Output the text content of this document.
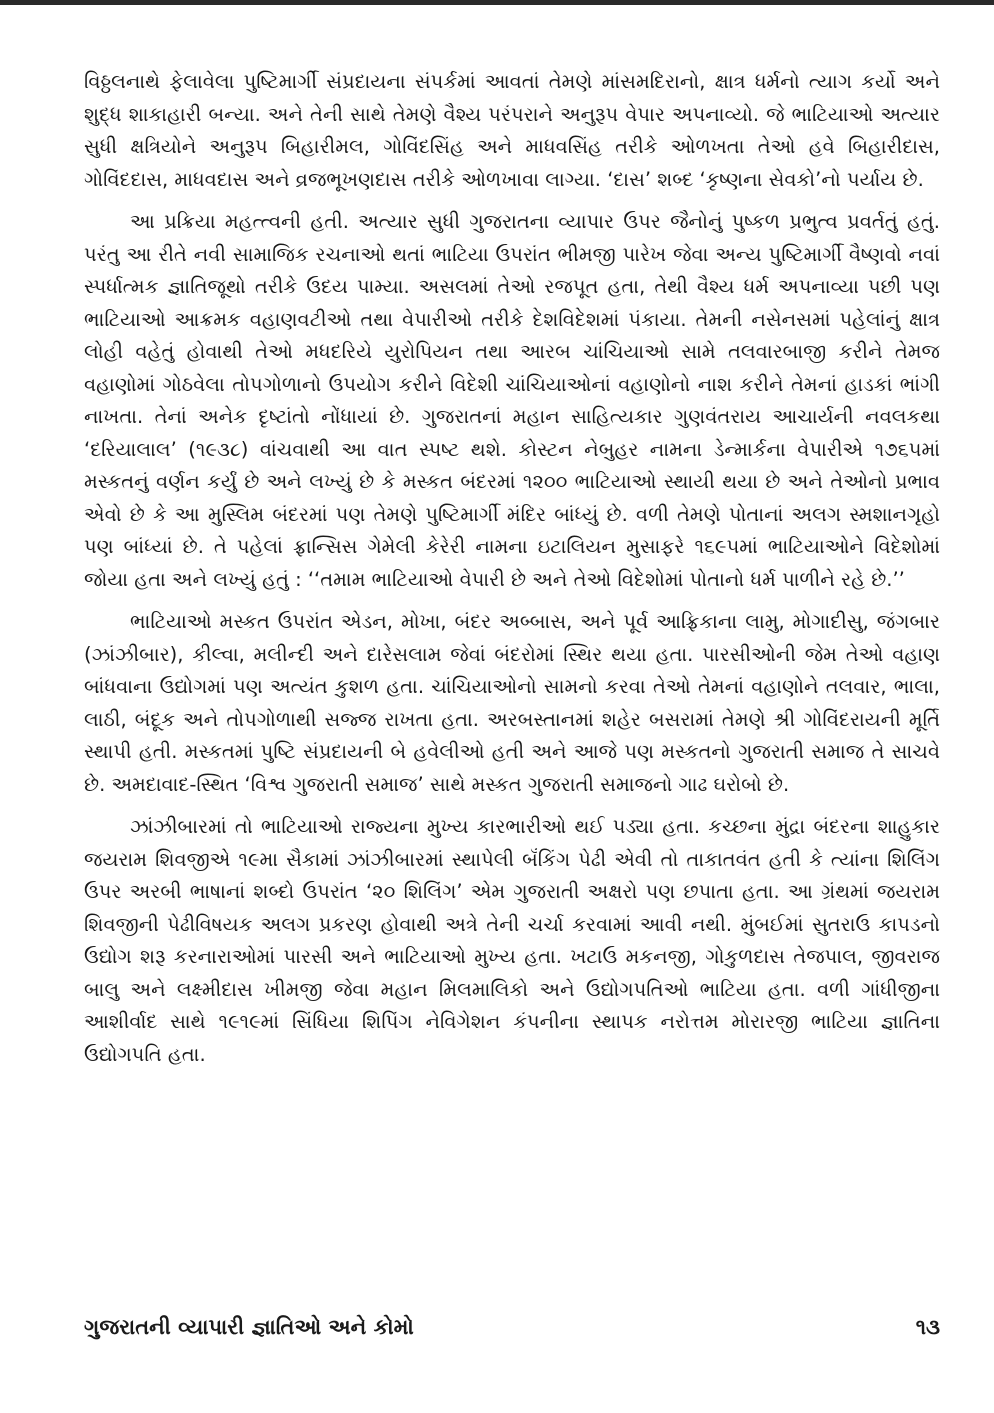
વિઠ્ઠલનાથે ફેલાવેલા પુષ્ટિમાર્ગી સંપ્રદાયના સંપર્કમાં આવતાં તેમણે માંસમદિરાનો, ક્ષાત્ર ધર્મનો ત્યાગ કર્યો અને શુદ્ધ શાકાહારી બન્યા. અને તેની સાથે તેમણે વૈશ્ય પરંપરાને અનુરૂપ વેપાર અપનાવ્યો. જે ભાટિયાઓ અત્યાર સુધી ક્ષત્રિયોને અનુરૂપ બિહારીમલ, ગોવિંદસિંહ અને માધવસિંહ તરીકે ઓળખતા તેઓ હવે બિહારીદાસ, ગોવિંદદાસ, માધવદાસ અને વ્રજભૂખણદાસ તરીકે ઓળખાવા લાગ્યા. ‘દાસ’ શબ્દ ‘કૃષ્ણના સેવકો’નો પર્યાય છે.

આ પ્રક્રિયા મહત્ત્વની હતી. અત્યાર સુધી ગુજરાતના વ્યાપાર ઉપર જૈનોનું પુષ્કળ પ્રભુત્વ પ્રવર્તતું હતું. પરંતુ આ રીતે નવી સામાજિક રચનાઓ થતાં ભાટિયા ઉપરાંત ભીમજી પારેખ જેવા અન્ય પુષ્ટિમાર્ગી વૈષ્ણવો નવાં સ્પર્ધાત્મક જ્ઞાતિજૂથો તરીકે ઉદય પામ્યા. અસલમાં તેઓ રજપૂત હતા, તેથી વૈશ્ય ધર્મ અપનાવ્યા પછી પણ ભાટિયાઓ આક્રમક વહાણવટીઓ તથા વેપારીઓ તરીકે દેશવિદેશમાં પંકાયા. તેમની નસેનસમાં પહેલાંનું ક્ષાત્ર લોહી વહેતું હોવાથી તેઓ મધદરિયે યુરોપિયન તથા આરબ ચાંચિયાઓ સામે તલવારબાજી કરીને તેમજ વહાણોમાં ગોઠવેલા તોપગોળાનો ઉપયોગ કરીને વિદેશી ચાંચિયાઓનાં વહાણોનો નાશ કરીને તેમનાં હાડકાં ભાંગી નાખતા. તેનાં અનેક દૃષ્ટાંતો નોંધાયાં છે. ગુજરાતનાં મહાન સાહિત્યકાર ગુણવંતરાય આચાર્યની નવલકથા ‘દરિયાલાલ’ (૧૯૩૮) વાંચવાથી આ વાત સ્પષ્ટ થશે. કોસ્ટન નેબુહર નામના ડેન્માર્કના વેપારીએ ૧૭૬૫માં મસ્કતનું વર્ણન કર્યું છે અને લખ્યું છે કે મસ્કત બંદરમાં ૧૨૦૦ ભાટિયાઓ સ્થાયી થયા છે અને તેઓનો પ્રભાવ એવો છે કે આ મુસ્લિમ બંદરમાં પણ તેમણે પુષ્ટિમાર્ગી મંદિર બાંધ્યું છે. વળી તેમણે પોતાનાં અલગ સ્મશાનગૃહો પણ બાંધ્યાં છે. તે પહેલાં ફ્રાન્સિસ ગેમેલી કેરેરી નામના ઇટાલિયન મુસાફરે ૧૬૯૫માં ભાટિયાઓને વિદેશોમાં જોયા હતા અને લખ્યું હતું : ‘‘તમામ ભાટિયાઓ વેપારી છે અને તેઓ વિદેશોમાં પોતાનો ધર્મ પાળીને રહે છે.’’

ભાટિયાઓ મસ્કત ઉપરાંત એડન, મોખા, બંદર અબ્બાસ, અને પૂર્વ આફ્રિકાના લામુ, મોગાદીસુ, જંગબાર (ઝાંઝીબાર), કીલ્વા, મલીન્દી અને દારેસલામ જેવાં બંદરોમાં સ્થિર થયા હતા. પારસીઓની જેમ તેઓ વહાણ બાંધવાના ઉદ્યોગમાં પણ અત્યંત કુશળ હતા. ચાંચિયાઓનો સામનો કરવા તેઓ તેમનાં વહાણોને તલવાર, ભાલા, લાઠી, બંદૂક અને તોપગોળાથી સજ્જ રાખતા હતા. અરબસ્તાનમાં શહેર બસરામાં તેમણે શ્રી ગોવિંદરાયની મૂર્તિ સ્થાપી હતી. મસ્કતમાં પુષ્ટિ સંપ્રદાયની બે હવેલીઓ હતી અને આજે પણ મસ્કતનો ગુજરાતી સમાજ તે સાચવે છે. અમદાવાદ-સ્થિત ‘વિશ્વ ગુજરાતી સમાજ’ સાથે મસ્કત ગુજરાતી સમાજનો ગાઢ ઘરોબો છે.

ઝાંઝીબારમાં તો ભાટિયાઓ રાજ્યના મુખ્ય કારભારીઓ થઈ પડ્યા હતા. કચ્છના મુંદ્રા બંદરના શાહુકાર જયરામ શિવજીએ ૧૯મા સૈકામાં ઝાંઝીબારમાં સ્થાપેલી બૅંકિંગ પેઢી એવી તો તાકાતવંત હતી કે ત્યાંના શિલિંગ ઉપર અરબી ભાષાનાં શબ્દો ઉપરાંત ‘૨૦ શિલિંગ’ એમ ગુજરાતી અક્ષરો પણ છપાતા હતા. આ ગ્રંથમાં જયરામ શિવજીની પેઢીવિષયક અલગ પ્રકરણ હોવાથી અત્રે તેની ચર્ચા કરવામાં આવી નથી. મુંબઈમાં સુતરાઉ કાપડનો ઉદ્યોગ શરૂ કરનારાઓમાં પારસી અને ભાટિયાઓ મુખ્ય હતા. ખટાઉ મકનજી, ગોકુળદાસ તેજપાલ, જીવરાજ બાલુ અને લક્ષ્મીદાસ ખીમજી જેવા મહાન મિલમાલિકો અને ઉદ્યોગપતિઓ ભાટિયા હતા. વળી ગાંધીજીના આશીર્વાદ સાથે ૧૯૧૯માં સિંધિયા શિપિંગ નેવિગેશન કંપનીના સ્થાપક નરોત્તમ મોરારજી ભાટિયા જ્ઞાતિના ઉદ્યોગપતિ હતા.

ગુજરાતની વ્યાપારી જ્ઞાતિઓ અને કોમો	૧૩
